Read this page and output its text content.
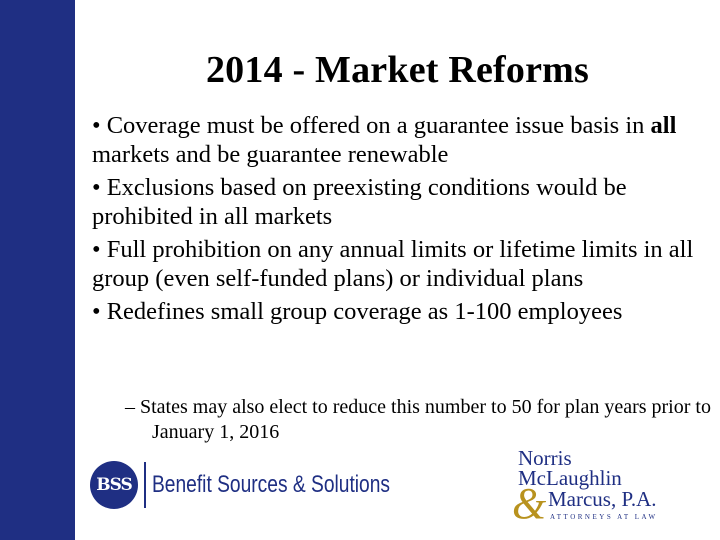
2014 - Market Reforms
• Coverage must be offered on a guarantee issue basis in all markets and be guarantee renewable
• Exclusions based on preexisting conditions would be prohibited in all markets
• Full prohibition on any annual limits or lifetime limits in all group (even self-funded plans) or individual plans
• Redefines small group coverage as 1-100 employees
– States may also elect to reduce this number to 50 for plan years prior to January 1, 2016
BSS Benefit Sources & Solutions
Norris
McLaughlin
& Marcus, P.A.
ATTORNEYS AT LAW
